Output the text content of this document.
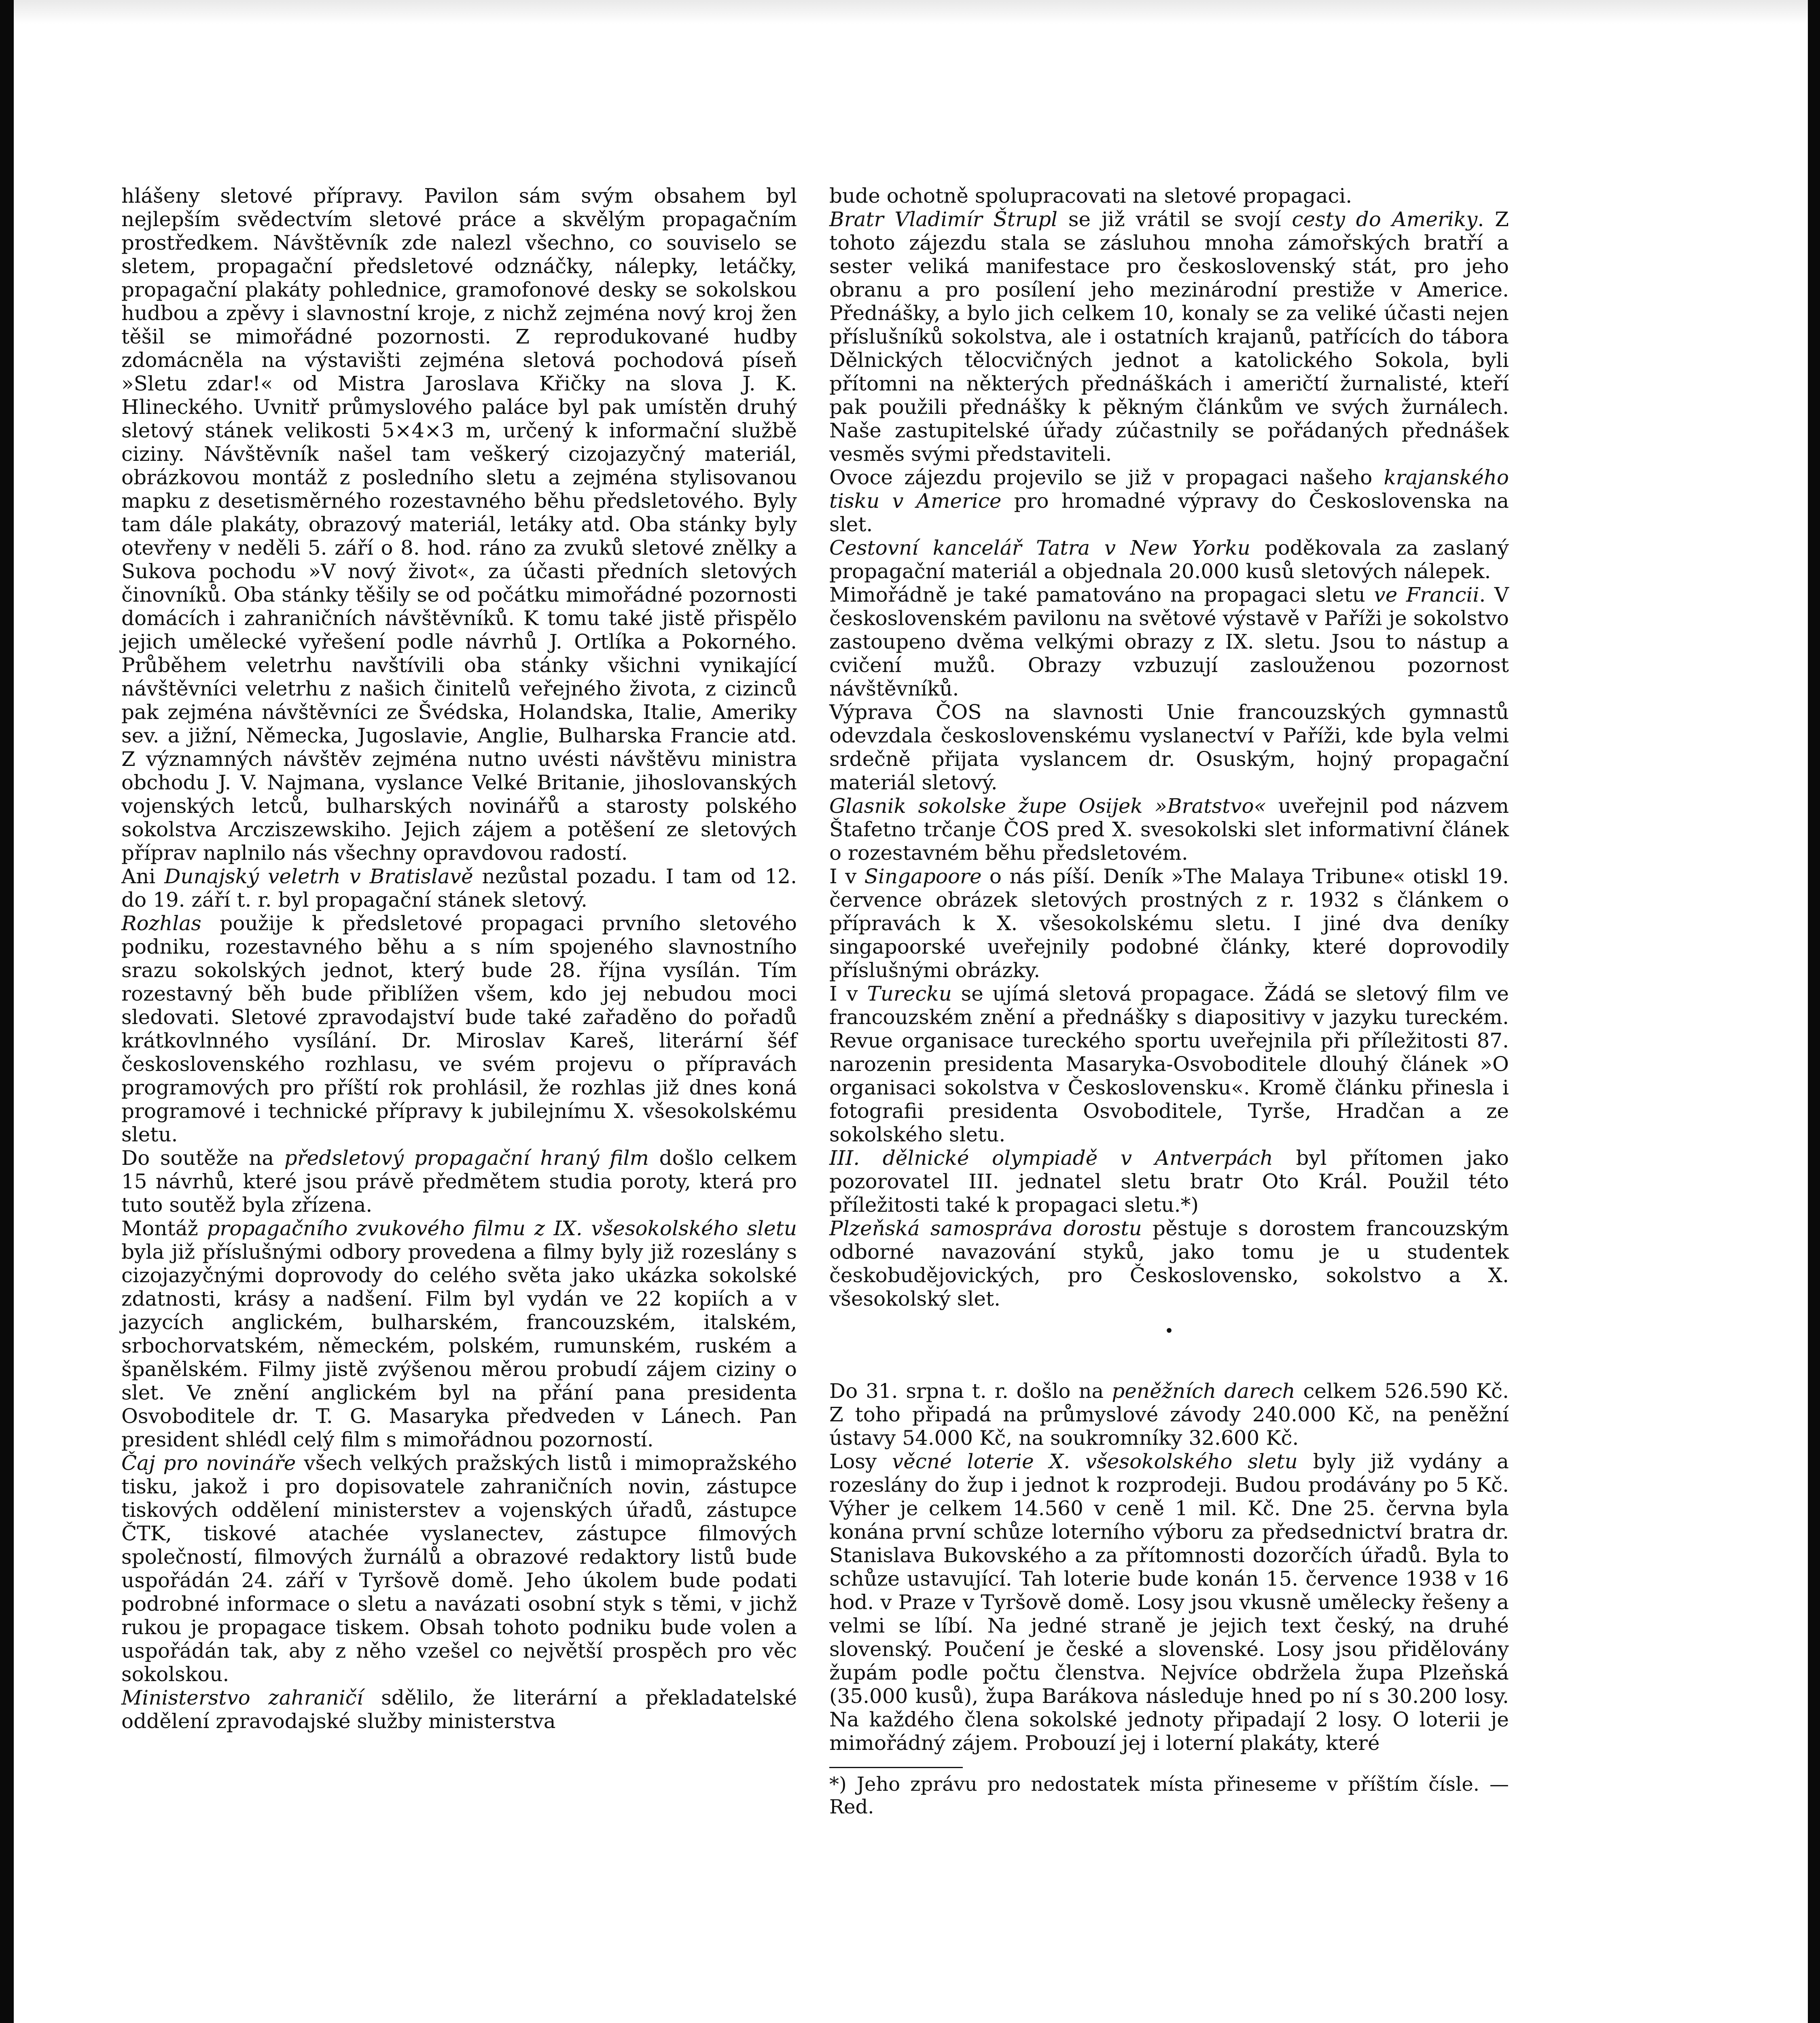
hlášeny sletové přípravy. Pavilon sám svým obsahem byl nejlepším svědectvím sletové práce a skvělým propagačním prostředkem. Návštěvník zde nalezl všechno, co souviselo se sletem, propagační předsletové odznáčky, nálepky, letáčky, propagační plakáty pohlednice, gramofonové desky se sokolskou hudbou a zpěvy i slavnostní kroje, z nichž zejména nový kroj žen těšil se mimořádné pozornosti. Z reprodukované hudby zdomácněla na výstavišti zejména sletová pochodová píseň »Sletu zdar!« od Mistra Jaroslava Křičky na slova J. K. Hlineckého. Uvnitř průmyslového paláce byl pak umístěn druhý sletový stánek velikosti 5×4×3 m, určený k informační službě ciziny. Návštěvník našel tam veškerý cizojazyčný materiál, obrázkovou montáž z posledního sletu a zejména stylisovanou mapku z desetisměrného rozestavného běhu předsletového. Byly tam dále plakáty, obrazový materiál, letáky atd. Oba stánky byly otevřeny v neděli 5. září o 8. hod. ráno za zvuků sletové znělky a Sukova pochodu »V nový život«, za účasti předních sletových činovníků. Oba stánky těšily se od počátku mimořádné pozornosti domácích i zahraničních návštěvníků. K tomu také jistě přispělo jejich umělecké vyřešení podle návrhů J. Ortlíka a Pokorného. Průběhem veletrhu navštívili oba stánky všichni vynikající návštěvníci veletrhu z našich činitelů veřejného života, z cizinců pak zejména návštěvníci ze Švédska, Holandska, Italie, Ameriky sev. a jižní, Německa, Jugoslavie, Anglie, Bulharska Francie atd. Z významných návštěv zejména nutno uvésti návštěvu ministra obchodu J. V. Najmana, vyslance Velké Britanie, jihoslovanských vojenských letců, bulharských novinářů a starosty polského sokolstva Arcziszewskiho. Jejich zájem a potěšení ze sletových příprav naplnilo nás všechny opravdovou radostí.

Ani Dunajský veletrh v Bratislavě nezůstal pozadu. I tam od 12. do 19. září t. r. byl propagační stánek sletový.

Rozhlas použije k předsletové propagaci prvního sletového podniku, rozestavného běhu a s ním spojeného slavnostního srazu sokolských jednot, který bude 28. října vysílán. Tím rozestavný běh bude přiblížen všem, kdo jej nebudou moci sledovati. Sletové zpravodajství bude také zařaděno do pořadů krátkovlnného vysílání. Dr. Miroslav Kareš, literární šéf československého rozhlasu, ve svém projevu o přípravách programových pro příští rok prohlásil, že rozhlas již dnes koná programové i technické přípravy k jubilejnímu X. všesokolskému sletu.

Do soutěže na předsletový propagační hraný film došlo celkem 15 návrhů, které jsou právě předmětem studia poroty, která pro tuto soutěž byla zřízena.

Montáž propagačního zvukového filmu z IX. všesokolského sletu byla již příslušnými odbory provedena a filmy byly již rozeslány s cizojazyčnými doprovody do celého světa jako ukázka sokolské zdatnosti, krásy a nadšení. Film byl vydán ve 22 kopiích a v jazycích anglickém, bulharském, francouzském, italském, srbochorvatském, německém, polském, rumunském, ruském a španělském. Filmy jistě zvýšenou měrou probudí zájem ciziny o slet. Ve znění anglickém byl na přání pana presidenta Osvoboditele dr. T. G. Masaryka předveden v Lánech. Pan president shlédl celý film s mimořádnou pozorností.

Čaj pro novináře všech velkých pražských listů i mimopražského tisku, jakož i pro dopisovatele zahraničních novin, zástupce tiskových oddělení ministerstev a vojenských úřadů, zástupce ČTK, tiskové atachée vyslanectev, zástupce filmových společností, filmových žurnálů a obrazové redaktory listů bude uspořádán 24. září v Tyršově domě. Jeho úkolem bude podati podrobné informace o sletu a navázati osobní styk s těmi, v jichž rukou je propagace tiskem. Obsah tohoto podniku bude volen a uspořádán tak, aby z něho vzešel co největší prospěch pro věc sokolskou.

Ministerstvo zahraničí sdělilo, že literární a překladatelské oddělení zpravodajské služby ministerstva

bude ochotně spolupracovati na sletové propagaci.

Bratr Vladimír Štrupl se již vrátil se svojí cesty do Ameriky. Z tohoto zájezdu stala se zásluhou mnoha zámořských bratří a sester veliká manifestace pro československý stát, pro jeho obranu a pro posílení jeho mezinárodní prestiže v Americe. Přednášky, a bylo jich celkem 10, konaly se za veliké účasti nejen příslušníků sokolstva, ale i ostatních krajanů, patřících do tábora Dělnických tělocvičných jednot a katolického Sokola, byli přítomni na některých přednáškách i američtí žurnalisté, kteří pak použili přednášky k pěkným článkům ve svých žurnálech. Naše zastupitelské úřady zúčastnily se pořádaných přednášek vesměs svými představiteli.

Ovoce zájezdu projevilo se již v propagaci našeho krajanského tisku v Americe pro hromadné výpravy do Československa na slet.

Cestovní kancelář Tatra v New Yorku poděkovala za zaslaný propagační materiál a objednala 20.000 kusů sletových nálepek.

Mimořádně je také pamatováno na propagaci sletu ve Francii. V československém pavilonu na světové výstavě v Paříži je sokolstvo zastoupeno dvěma velkými obrazy z IX. sletu. Jsou to nástup a cvičení mužů. Obrazy vzbuzují zaslouženou pozornost návštěvníků.

Výprava ČOS na slavnosti Unie francouzských gymnastů odevzdala československému vyslanectví v Paříži, kde byla velmi srdečně přijata vyslancem dr. Osuským, hojný propagační materiál sletový.

Glasnik sokolske župe Osijek »Bratstvo« uveřejnil pod názvem Štafetno trčanje ČOS pred X. svesokolski slet informativní článek o rozestavném běhu předsletovém.

I v Singapoore o nás píší. Deník »The Malaya Tribune« otiskl 19. července obrázek sletových prostných z r. 1932 s článkem o přípravách k X. všesokolskému sletu. I jiné dva deníky singapoorské uveřejnily podobné články, které doprovodily příslušnými obrázky.

I v Turecku se ujímá sletová propagace. Žádá se sletový film ve francouzském znění a přednášky s diapositivy v jazyku tureckém. Revue organisace tureckého sportu uveřejnila při příležitosti 87. narozenin presidenta Masaryka-Osvoboditele dlouhý článek »O organisaci sokolstva v Československu«. Kromě článku přinesla i fotografii presidenta Osvoboditele, Tyrše, Hradčan a ze sokolského sletu.

III. dělnické olympiadě v Antverpách byl přítomen jako pozorovatel III. jednatel sletu bratr Oto Král. Použil této příležitosti také k propagaci sletu.*)

Plzeňská samospráva dorostu pěstuje s dorostem francouzským odborné navazování styků, jako tomu je u studentek českobudějovických, pro Československo, sokolstvo a X. všesokolský slet.

•

Do 31. srpna t. r. došlo na peněžních darech celkem 526.590 Kč. Z toho připadá na průmyslové závody 240.000 Kč, na peněžní ústavy 54.000 Kč, na soukromníky 32.600 Kč.

Losy věcné loterie X. všesokolského sletu byly již vydány a rozeslány do žup i jednot k rozprodeji. Budou prodávány po 5 Kč. Výher je celkem 14.560 v ceně 1 mil. Kč. Dne 25. června byla konána první schůze loterního výboru za předsednictví bratra dr. Stanislava Bukovského a za přítomnosti dozorčích úřadů. Byla to schůze ustavující. Tah loterie bude konán 15. července 1938 v 16 hod. v Praze v Tyršově domě. Losy jsou vkusně umělecky řešeny a velmi se líbí. Na jedné straně je jejich text český, na druhé slovenský. Poučení je české a slovenské. Losy jsou přidělovány župám podle počtu členstva. Nejvíce obdržela župa Plzeňská (35.000 kusů), župa Barákova následuje hned po ní s 30.200 losy. Na každého člena sokolské jednoty připadají 2 losy. O loterii je mimořádný zájem. Probouzí jej i loterní plakáty, které

*) Jeho zprávu pro nedostatek místa přineseme v příštím čísle. — Red.
